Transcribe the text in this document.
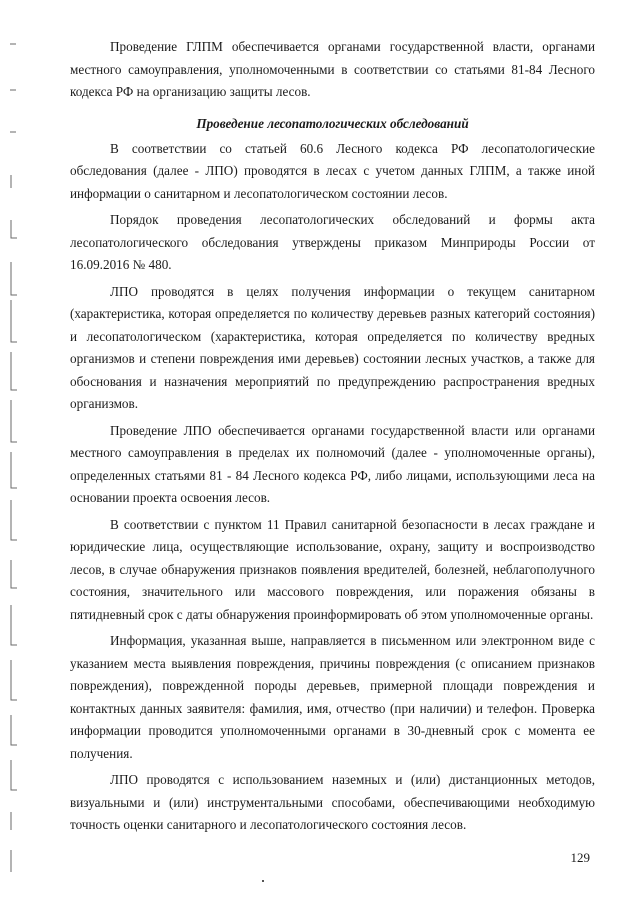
Проведение ГЛПМ обеспечивается органами государственной власти, органами местного самоуправления, уполномоченными в соответствии со статьями 81-84 Лесного кодекса РФ на организацию защиты лесов.

Проведение лесопатологических обследований

В соответствии со статьей 60.6 Лесного кодекса РФ лесопатологические обследования (далее - ЛПО) проводятся в лесах с учетом данных ГЛПМ, а также иной информации о санитарном и лесопатологическом состоянии лесов.

Порядок проведения лесопатологических обследований и формы акта лесопатологического обследования утверждены приказом Минприроды России от 16.09.2016 № 480.

ЛПО проводятся в целях получения информации о текущем санитарном (характеристика, которая определяется по количеству деревьев разных категорий состояния) и лесопатологическом (характеристика, которая определяется по количеству вредных организмов и степени повреждения ими деревьев) состоянии лесных участков, а также для обоснования и назначения мероприятий по предупреждению распространения вредных организмов.

Проведение ЛПО обеспечивается органами государственной власти или органами местного самоуправления в пределах их полномочий (далее - уполномоченные органы), определенных статьями 81 - 84 Лесного кодекса РФ, либо лицами, использующими леса на основании проекта освоения лесов.

В соответствии с пунктом 11 Правил санитарной безопасности в лесах граждане и юридические лица, осуществляющие использование, охрану, защиту и воспроизводство лесов, в случае обнаружения признаков появления вредителей, болезней, неблагополучного состояния, значительного или массового повреждения, или поражения обязаны в пятидневный срок с даты обнаружения проинформировать об этом уполномоченные органы.

Информация, указанная выше, направляется в письменном или электронном виде с указанием места выявления повреждения, причины повреждения (с описанием признаков повреждения), поврежденной породы деревьев, примерной площади повреждения и контактных данных заявителя: фамилия, имя, отчество (при наличии) и телефон. Проверка информации проводится уполномоченными органами в 30-дневный срок с момента ее получения.

ЛПО проводятся с использованием наземных и (или) дистанционных методов, визуальными и (или) инструментальными способами, обеспечивающими необходимую точность оценки санитарного и лесопатологического состояния лесов.

129
